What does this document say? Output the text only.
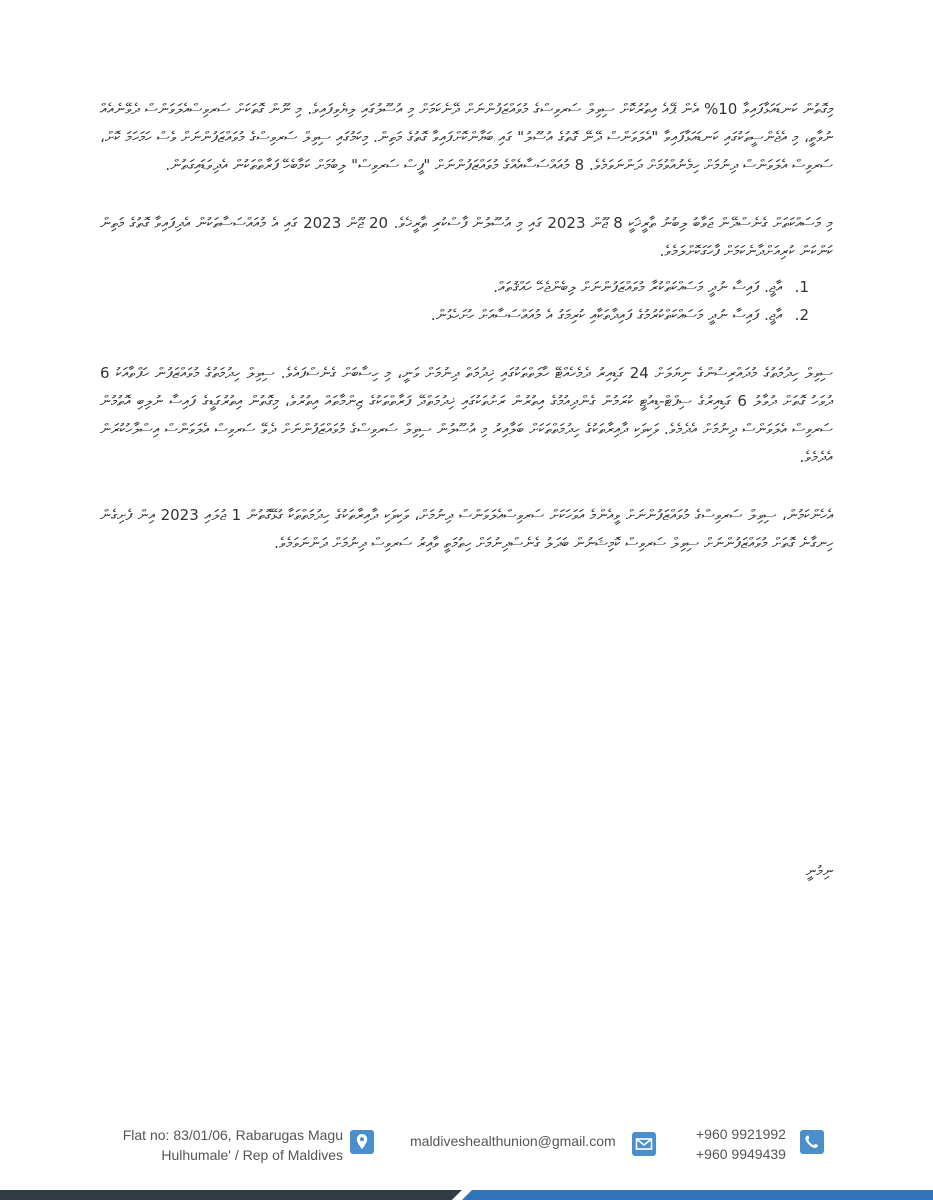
މިގޮތުން ކަނޑައަޅާފައިވާ 10% އެން ޕޭއެ އިތުރުކޮށް ސިވިލް ސަރވިސްގެ މުވައްޒަފުންނަށް ދޭނެކަމަށް މި އުސޫލުގައި ލިޔެވިފައިވެ. މި ނޫން ގޮތަކަށް ސަރވިސްއެލަވަންސް ދެވޭނެއެއް ނުވާތީ، މި އެޖެންސީތަކުގައި ކަނޑައަޅާފައިވާ "އެލަވަންސް ދޭނޭ ގޮތުގެ އުސޫލު" ގައި ބަޔާންކޮށްފައިވާ ގޮތުގެ މަތިން. މިކަމުގައި ސިވިލް ސަރވިސްގެ މުވައްޒަފުންނަށް ވެސް ހަމަހަމަ ކޮށް، ސަރވިސް އެލަވަންސް ދިނުމަށް ހިމެނުއްވުމަށް ދަންނަވަމެވެ. 8 މުއައްސަސާއެއްގެ މުވައްޒަފުންނަށް "ފީސް ސަރވިސް" ލިބުމަށް ކަމާބެހޭ ފަރާތްތަކުން އެދިވަޑައިގަތުން.

މި މަސައްކަތަށް ގެނެސްދޭން ޖަވާބު ލިބުނު ތާރީޚަކީ 8 ޖޫން 2023 ގައި މި އުސޫލުން ފާސްކުރި ތާރީޚެވެ. 20 ޖޫން 2023 ގައި އެ މުއައްސަސާތަކުން އެދިފައިވާ ގޮތުގެ މަތިން ކަންކަން ކުރިއަށްދާނެކަމަށް ފާހަގަކޮށްލަމެވެ.

1. އާޖީ. ފައިސާ ނުދީ މަސައްކަތްކުރާ މުވައްޒަފުންނަށް ލިބެންޖެހޭ ހައްޤުތައް.
2. އާޖީ. ފައިސާ ނުދީ މަސައްކަތްކުރުމުގެ ފައިދާތަކާއި ކުރިމަގު އެ މުއައްސަސާއަށް ހުށަހެޅުން.

ސިވިލް ހިދުމަތުގެ މުދައްރިސުންގެ ނިޔަލަށް 24 ގަޑިއިރު ދެމެހެއްޓޭ ހާލަތްތަކުގައި ޚިދުމަތް ދިނުމަށް ވަނީ، މި ހިސާބަށް ގެނެސްފައެވެ. ސިވިލް ހިދުމަތުގެ މުވައްޒަފުން ހަފްތާއަކު 6 ދުވަހު ގޮތަށް ދުވާލު 6 ގަޑިއިރުގެ ސިފްޓް-ޑިއުޓީ ކުރަމުން ގެންދިއުމުގެ އިތުރުން ރަށުތަކުގައި ޚިދުމަތްދޭ ފަރާތްތަކުގެ ޒިންމާތައް އިތުރުވެ، މިގޮތުން އިތުރުގަޑީގެ ފައިސާ ނުލިބި އޮތުމުން ސަރވިސް އެލަވަންސް ދިނުމަށް އެދެމެވެ. ވަކިވަކި ދާއިރާތަކުގެ ހިދުމަތްތަކަށް ބަލާއިރު މި އުސޫލުން ސިވިލް ސަރވިސްގެ މުވައްޒަފުންނަށް ދެވޭ ސަރވިސް އެލަވަންސް އިސްލާހުކުރަން އެދެމެވެ.

އެހެންކަމުން، ސިވިލް ސަރވިސްގެ މުވައްޒަފުންނަށް ވީއެންމެ އަވަހަކަށް ސަރވިސްއެލަވަންސް ދިނުމަށް، ވަކިވަކި ދާއިރާތަކުގެ ހިދުމަތްތަކާ ގުޅޭގޮތުން 1 ޖުލައި 2023 އިން ފެށިގެން ހިނގާނެ ގޮތަށް މުވައްޒަފުންނަށް ސިވިލް ސަރވިސް ކޮމިޝަނުން ބަދަލު ގެނެސްދިނުމަށް ހިތުމަތީ ވާއިރު ސަރވިސް ދިނުމަށް ދަންނަވަމެވެ.

ނިމުނީ
Flat no: 83/01/06, Rabarugas Magu
Hulhumale' / Rep of Maldives
maldiveshealthunion@gmail.com	+960 9921992
+960 9949439
